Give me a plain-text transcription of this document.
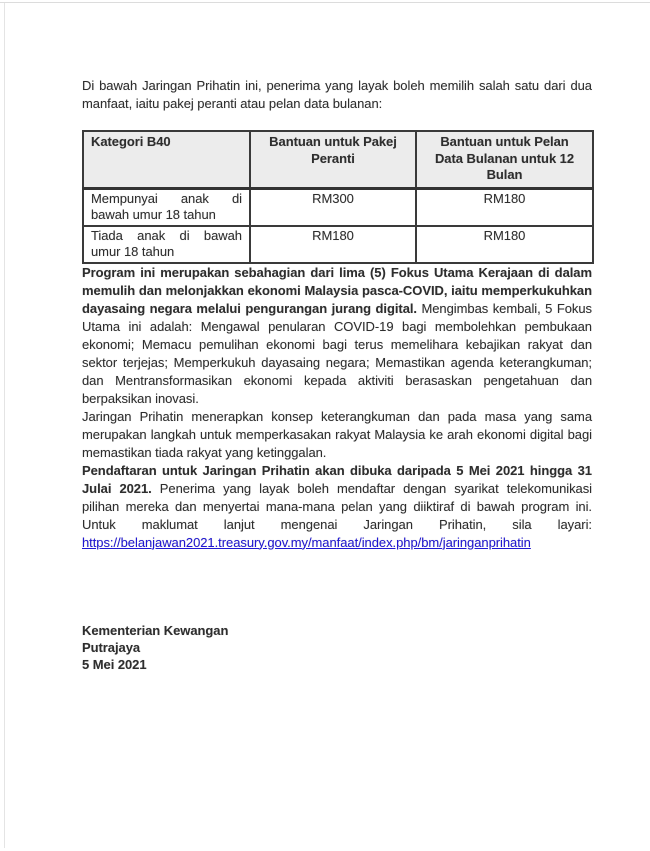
Di bawah Jaringan Prihatin ini, penerima yang layak boleh memilih salah satu dari dua manfaat, iaitu pakej peranti atau pelan data bulanan:

Kategori B40	Bantuan untuk Pakej Peranti	Bantuan untuk Pelan Data Bulanan untuk 12 Bulan
Mempunyai anak di bawah umur 18 tahun	RM300	RM180
Tiada anak di bawah umur 18 tahun	RM180	RM180

Program ini merupakan sebahagian dari lima (5) Fokus Utama Kerajaan di dalam memulih dan melonjakkan ekonomi Malaysia pasca-COVID, iaitu memperkukuhkan dayasaing negara melalui pengurangan jurang digital. Mengimbas kembali, 5 Fokus Utama ini adalah: Mengawal penularan COVID-19 bagi membolehkan pembukaan ekonomi; Memacu pemulihan ekonomi bagi terus memelihara kebajikan rakyat dan sektor terjejas; Memperkukuh dayasaing negara; Memastikan agenda keterangkuman; dan Mentransformasikan ekonomi kepada aktiviti berasaskan pengetahuan dan berpaksikan inovasi.

Jaringan Prihatin menerapkan konsep keterangkuman dan pada masa yang sama merupakan langkah untuk memperkasakan rakyat Malaysia ke arah ekonomi digital bagi memastikan tiada rakyat yang ketinggalan.

Pendaftaran untuk Jaringan Prihatin akan dibuka daripada 5 Mei 2021 hingga 31 Julai 2021. Penerima yang layak boleh mendaftar dengan syarikat telekomunikasi pilihan mereka dan menyertai mana-mana pelan yang diiktiraf di bawah program ini. Untuk maklumat lanjut mengenai Jaringan Prihatin, sila layari: https://belanjawan2021.treasury.gov.my/manfaat/index.php/bm/jaringanprihatin

Kementerian Kewangan
Putrajaya
5 Mei 2021
